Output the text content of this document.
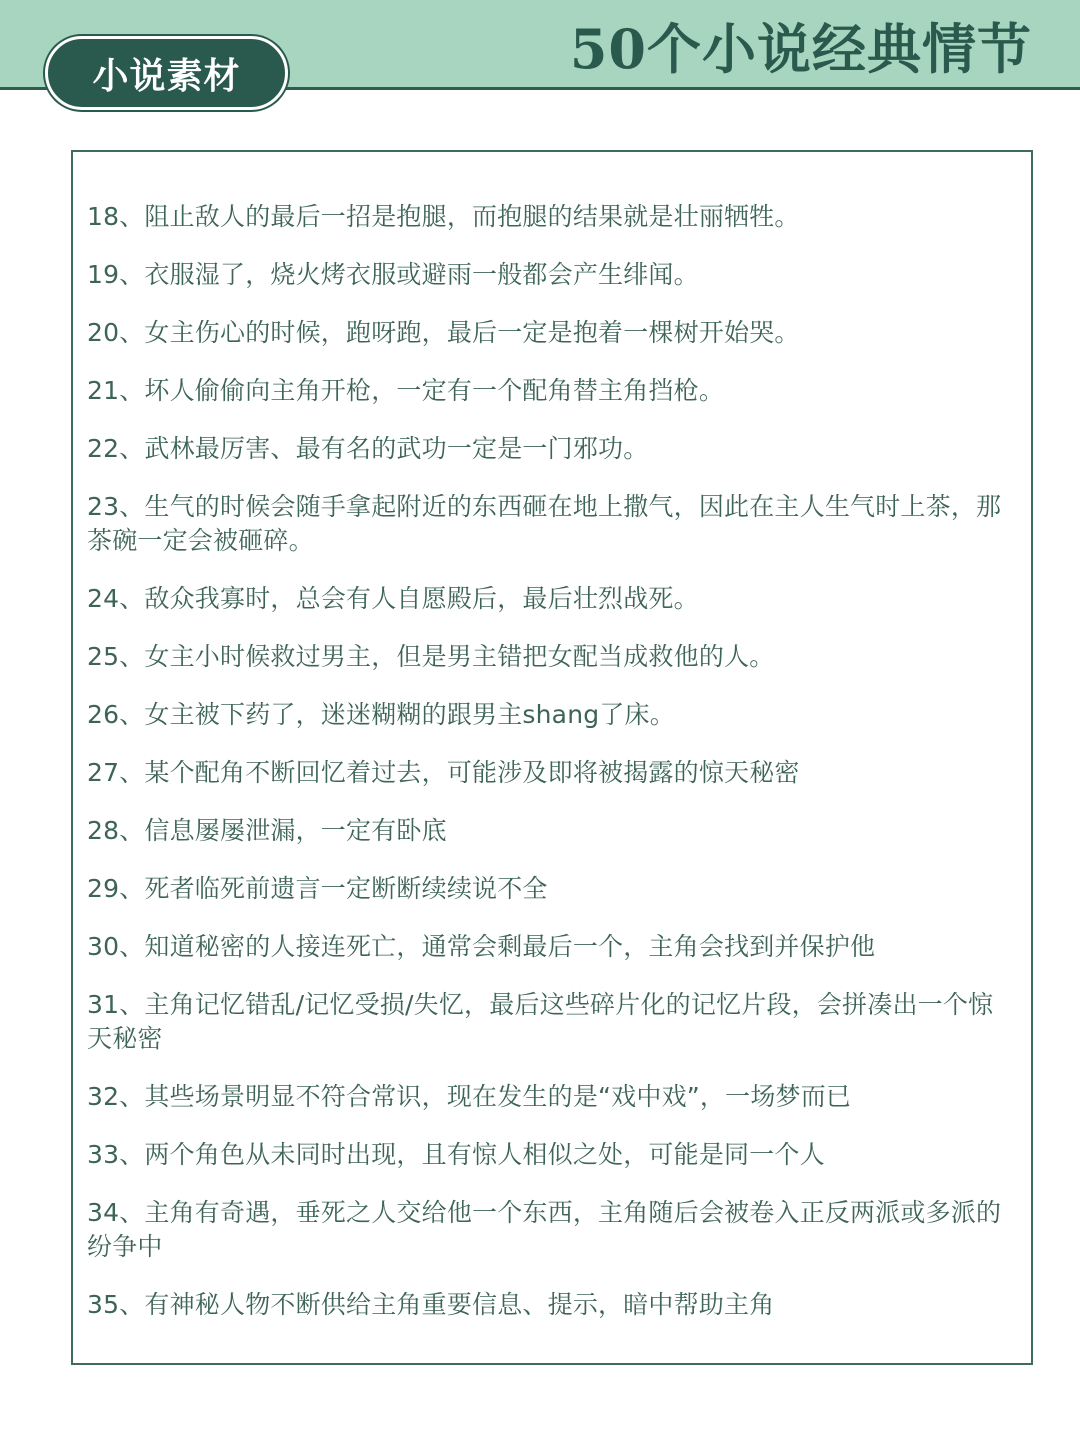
小说素材	50个小说经典情节
18、阻止敌人的最后一招是抱腿，而抱腿的结果就是壮丽牺牲。
19、衣服湿了，烧火烤衣服或避雨一般都会产生绯闻。
20、女主伤心的时候，跑呀跑，最后一定是抱着一棵树开始哭。
21、坏人偷偷向主角开枪，一定有一个配角替主角挡枪。
22、武林最厉害、最有名的武功一定是一门邪功。
23、生气的时候会随手拿起附近的东西砸在地上撒气，因此在主人生气时上茶，那茶碗一定会被砸碎。
24、敌众我寡时，总会有人自愿殿后，最后壮烈战死。
25、女主小时候救过男主，但是男主错把女配当成救他的人。
26、女主被下药了，迷迷糊糊的跟男主shang了床。
27、某个配角不断回忆着过去，可能涉及即将被揭露的惊天秘密
28、信息屡屡泄漏，一定有卧底
29、死者临死前遗言一定断断续续说不全
30、知道秘密的人接连死亡，通常会剩最后一个，主角会找到并保护他
31、主角记忆错乱/记忆受损/失忆，最后这些碎片化的记忆片段，会拼凑出一个惊天秘密
32、其些场景明显不符合常识，现在发生的是“戏中戏”，一场梦而已
33、两个角色从未同时出现，且有惊人相似之处，可能是同一个人
34、主角有奇遇，垂死之人交给他一个东西，主角随后会被卷入正反两派或多派的纷争中
35、有神秘人物不断供给主角重要信息、提示，暗中帮助主角
